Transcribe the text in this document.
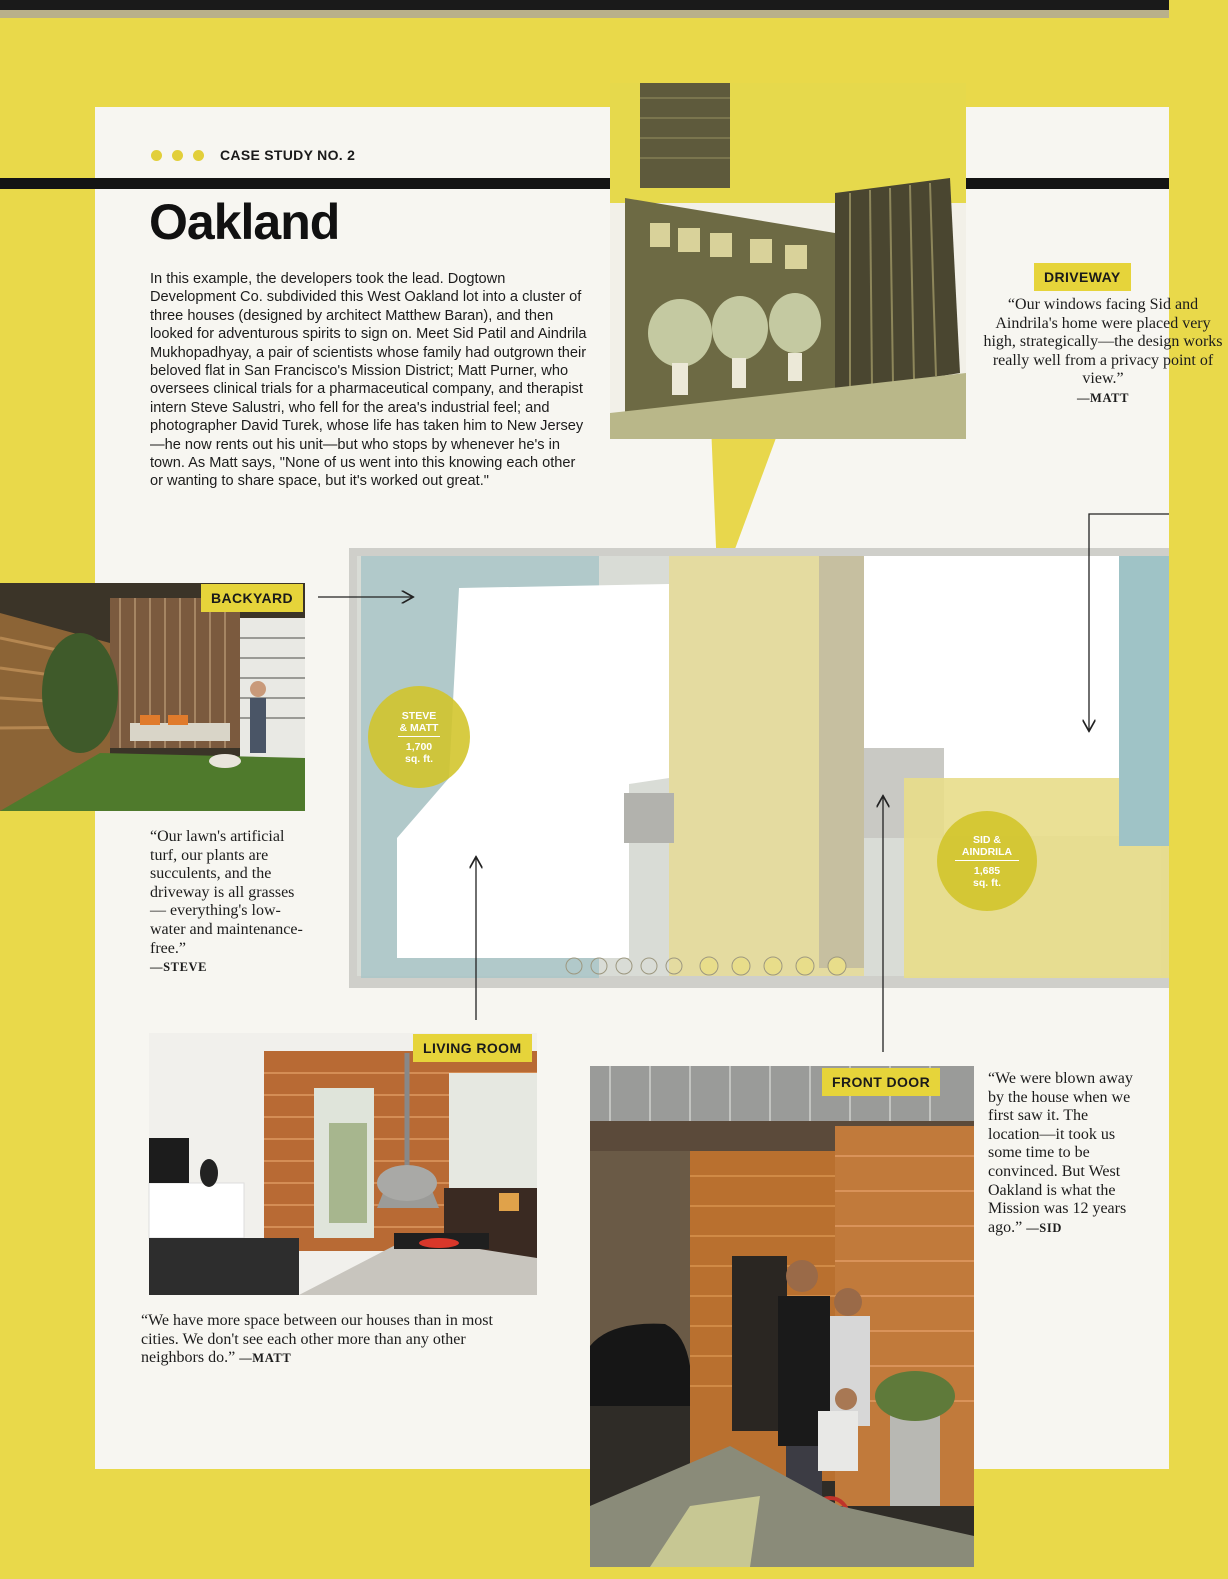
CASE STUDY NO. 2
Oakland

In this example, the developers took the lead. Dogtown Development Co. subdivided this West Oakland lot into a cluster of three houses (designed by architect Matthew Baran), and then looked for adventurous spirits to sign on. Meet Sid Patil and Aindrila Mukhopadhyay, a pair of scientists whose family had outgrown their beloved flat in San Francisco's Mission District; Matt Purner, who oversees clinical trials for a pharmaceutical company, and therapist intern Steve Salustri, who fell for the area's industrial feel; and photographer David Turek, whose life has taken him to New Jersey—he now rents out his unit—but who stops by whenever he's in town. As Matt says, "None of us went into this knowing each other or wanting to share space, but it's worked out great."

DRIVEWAY

“Our windows facing Sid and Aindrila's home were placed very high, strategically—the design works really well from a privacy point of view.”
—MATT

STEVE & MATT
1,700
sq. ft.
SID & AINDRILA
1,685
sq. ft.
BACKYARD

“Our lawn's artificial turf, our plants are succulents, and the driveway is all grasses— everything's low-water and maintenance-free.”
—STEVE

LIVING ROOM

“We have more space between our houses than in most cities. We don't see each other more than any other neighbors do.” —MATT

FRONT DOOR	“We were blown away by the house when we first saw it. The location—it took us some time to be convinced. But West Oakland is what the Mission was 12 years ago.” —SID
